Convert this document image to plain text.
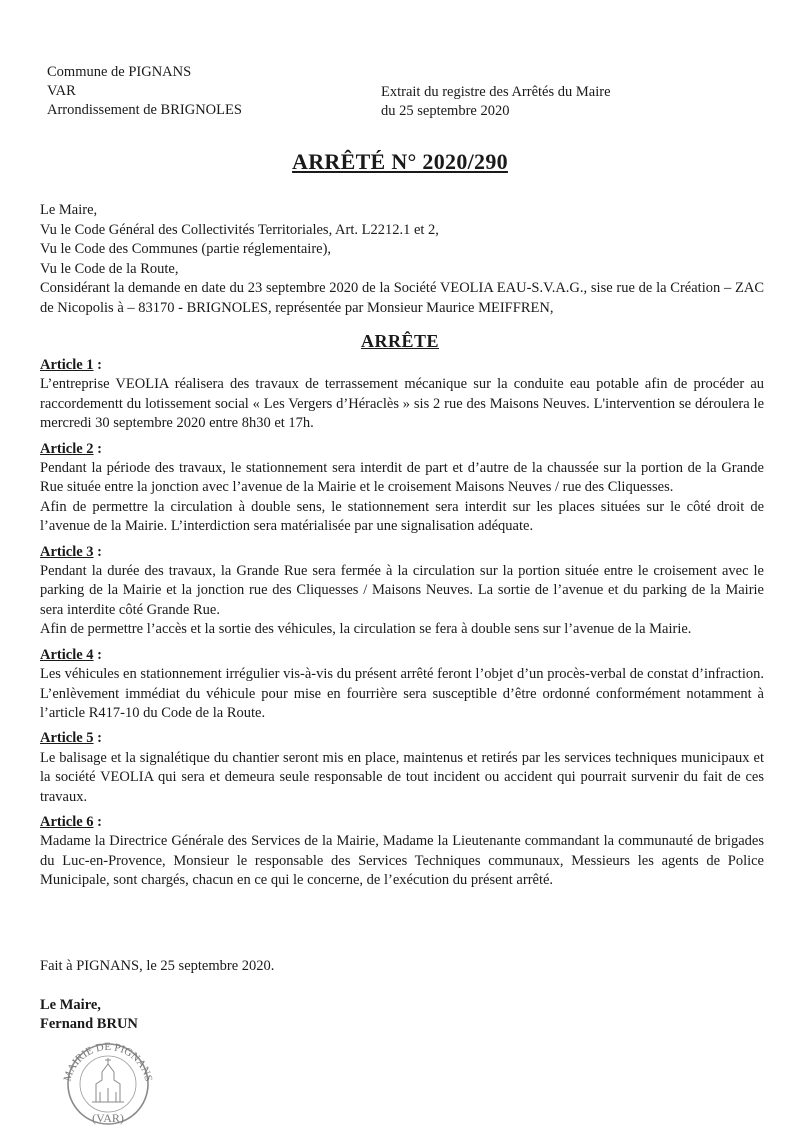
Commune de PIGNANS
VAR
Arrondissement de BRIGNOLES
Extrait du registre des Arrêtés du Maire
du 25 septembre 2020
ARRÊTÉ N° 2020/290

Le Maire,

Vu le Code Général des Collectivités Territoriales, Art. L2212.1 et 2,

Vu le Code des Communes (partie réglementaire),

Vu le Code de la Route,

Considérant la demande en date du 23 septembre 2020 de la Société VEOLIA EAU-S.V.A.G., sise rue de la Création – ZAC de Nicopolis à – 83170 - BRIGNOLES, représentée par Monsieur Maurice MEIFFREN,

ARRÊTE
Article 1 :

L’entreprise VEOLIA réalisera des travaux de terrassement mécanique sur la conduite eau potable afin de procéder au raccordementt du lotissement social « Les Vergers d’Héraclès » sis 2 rue des Maisons Neuves. L'intervention se déroulera le mercredi 30 septembre 2020 entre 8h30 et 17h.

Article 2 :

Pendant la période des travaux, le stationnement sera interdit de part et d’autre de la chaussée sur la portion de la Grande Rue située entre la jonction avec l’avenue de la Mairie et le croisement Maisons Neuves / rue des Cliquesses.

Afin de permettre la circulation à double sens, le stationnement sera interdit sur les places situées sur le côté droit de l’avenue de la Mairie. L’interdiction sera matérialisée par une signalisation adéquate.

Article 3 :

Pendant la durée des travaux, la Grande Rue sera fermée à la circulation sur la portion située entre le croisement avec le parking de la Mairie et la jonction rue des Cliquesses / Maisons Neuves. La sortie de l’avenue et du parking de la Mairie sera interdite côté Grande Rue.

Afin de permettre l’accès et la sortie des véhicules, la circulation se fera à double sens sur l’avenue de la Mairie.

Article 4 :

Les véhicules en stationnement irrégulier vis-à-vis du présent arrêté feront l’objet d’un procès-verbal de constat d’infraction. L’enlèvement immédiat du véhicule pour mise en fourrière sera susceptible d’être ordonné conformément notamment à l’article R417-10 du Code de la Route.

Article 5 :

Le balisage et la signalétique du chantier seront mis en place, maintenus et retirés par les services techniques municipaux et la société VEOLIA qui sera et demeura seule responsable de tout incident ou accident qui pourrait survenir du fait de ces travaux.

Article 6 :

Madame la Directrice Générale des Services de la Mairie, Madame la Lieutenante commandant la communauté de brigades du Luc-en-Provence, Monsieur le responsable des Services Techniques communaux, Messieurs les agents de Police Municipale, sont chargés, chacun en ce qui le concerne, de l’exécution du présent arrêté.

Fait à PIGNANS, le 25 septembre 2020.
Le Maire,
Fernand BRUN
MAIRIE DE PIGNANS
(VAR)
